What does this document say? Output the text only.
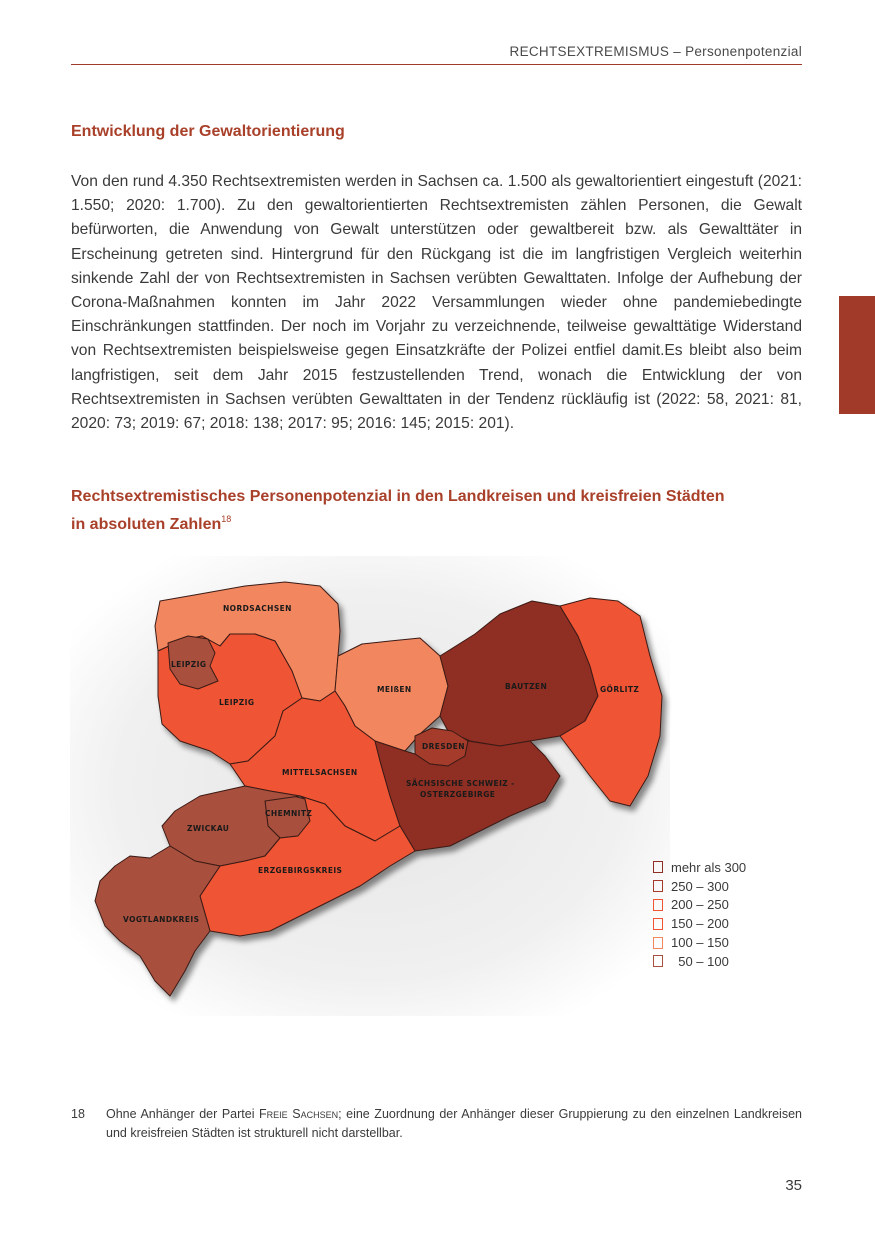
RECHTSEXTREMISMUS – Personenpotenzial
Entwicklung der Gewaltorientierung

Von den rund 4.350 Rechtsextremisten werden in Sachsen ca. 1.500 als gewaltorientiert eingestuft (2021: 1.550; 2020: 1.700). Zu den gewaltorientierten Rechtsextremisten zählen Personen, die Gewalt befürworten, die Anwendung von Gewalt unterstützen oder gewaltbereit bzw. als Gewalttäter in Erscheinung getreten sind. Hintergrund für den Rückgang ist die im langfristigen Vergleich weiterhin sinkende Zahl der von Rechtsextremisten in Sachsen verübten Gewalttaten. Infolge der Aufhebung der Corona-Maßnahmen konnten im Jahr 2022 Versammlungen wieder ohne pandemiebedingte Einschränkungen stattfinden. Der noch im Vorjahr zu verzeichnende, teilweise gewalttätige Widerstand von Rechtsextremisten beispielsweise gegen Einsatzkräfte der Polizei entfiel damit.Es bleibt also beim langfristigen, seit dem Jahr 2015 festzustellenden Trend, wonach die Entwicklung der von Rechtsextremisten in Sachsen verübten Gewalttaten in der Tendenz rückläufig ist (2022: 58, 2021: 81, 2020: 73; 2019: 67; 2018: 138; 2017: 95; 2016: 145; 2015: 201).

Rechtsextremistisches Personenpotenzial in den Landkreisen und kreisfreien Städten
in absoluten Zahlen$^{18}$
NORDSACHSEN
LEIPZIG
LEIPZIG
MEIßEN	BAUTZEN	GÖRLITZ
DRESDEN
MITTELSACHSEN
SÄCHSISCHE SCHWEIZ -
OSTERZGEBIRGE
CHEMNITZ
ZWICKAU
ERZGEBIRGSKREIS
VOGTLANDKREIS
mehr als 300
250 – 300
200 – 250
150 – 200
100 – 150
50 – 100
18 Ohne Anhänger der Partei Freie Sachsen; eine Zuordnung der Anhänger dieser Gruppierung zu den einzelnen Landkreisen und kreisfreien Städten ist strukturell nicht darstellbar.
35
